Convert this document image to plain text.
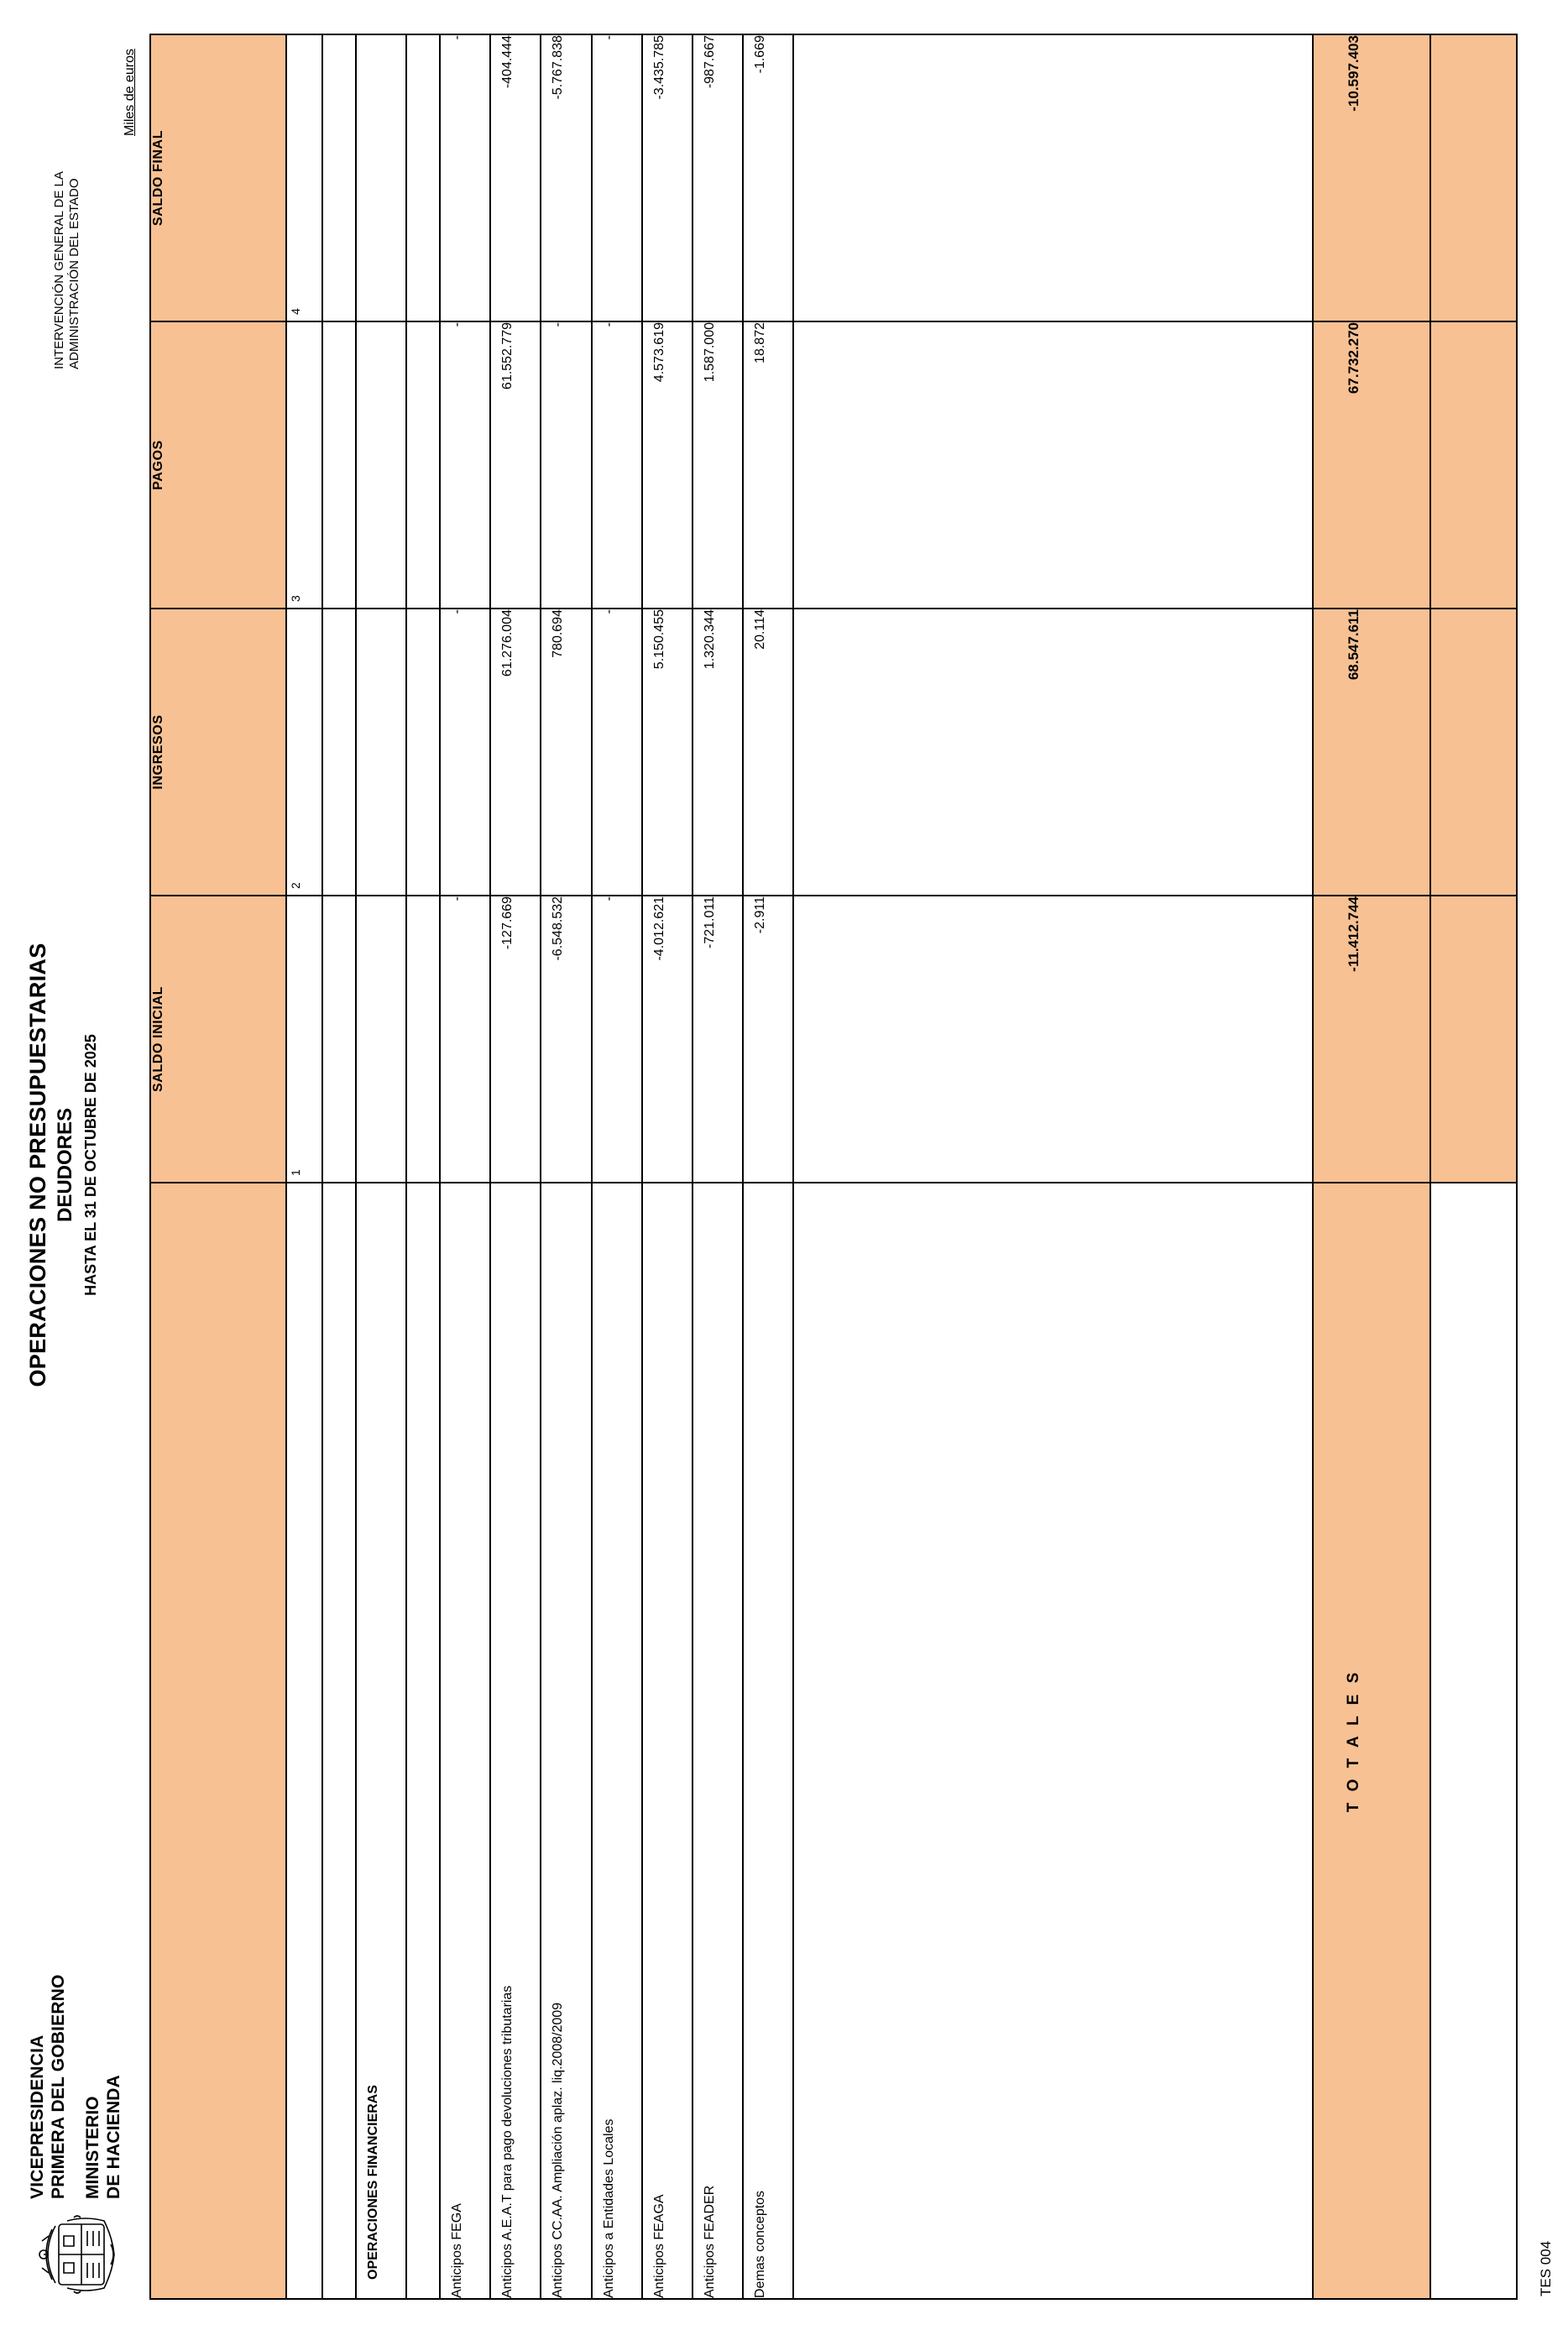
VICEPRESIDENCIA PRIMERA DEL GOBIERNO MINISTERIO DE HACIENDA
OPERACIONES NO PRESUPUESTARIAS DEUDORES HASTA EL 31 DE OCTUBRE DE 2025
INTERVENCIÓN GENERAL DE LA ADMINISTRACIÓN DEL ESTADO
Miles de euros
	SALDO INICIAL	INGRESOS	PAGOS	SALDO FINAL
	1	2	3	4

OPERACIONES FINANCIERAS				

Anticipos FEGA	-	-	-	-
Anticipos A.E.A.T para pago devoluciones tributarias	-127.669	61.276.004	61.552.779	-404.444
Anticipos CC.AA. Ampliación aplaz. liq.2008/2009	-6.548.532	780.694	-	-5.767.838
Anticipos a Entidades Locales	-	-	-	-
Anticipos FEAGA	-4.012.621	5.150.455	4.573.619	-3.435.785
Anticipos FEADER	-721.011	1.320.344	1.587.000	-987.667
Demas conceptos	-2.911	20.114	18.872	-1.669

T O T A L E S	-11.412.744	68.547.611	67.732.270	-10.597.403

TES 004
